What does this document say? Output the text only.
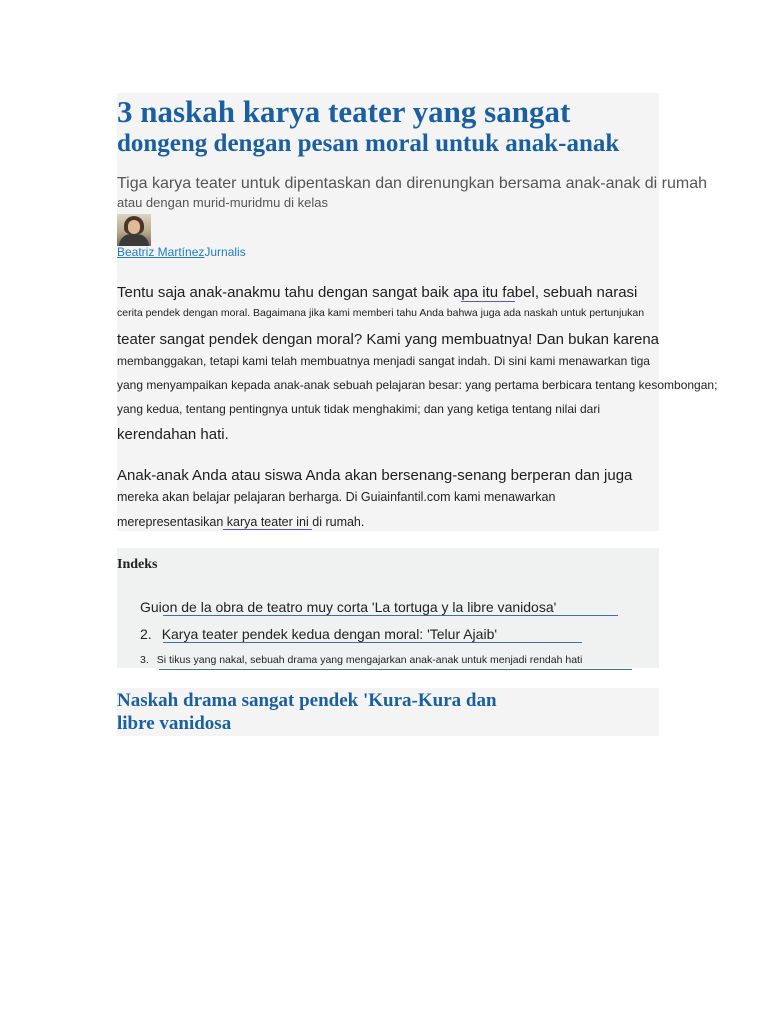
3 naskah karya teater yang sangat
dongeng dengan pesan moral untuk anak-anak
Tiga karya teater untuk dipentaskan dan direnungkan bersama anak-anak di rumah
atau dengan murid-muridmu di kelas
Beatriz MartínezJurnalis
Tentu saja anak-anakmu tahu dengan sangat baik apa itu fabel, sebuah narasi
cerita pendek dengan moral. Bagaimana jika kami memberi tahu Anda bahwa juga ada naskah untuk pertunjukan
teater sangat pendek dengan moral? Kami yang membuatnya! Dan bukan karena
membanggakan, tetapi kami telah membuatnya menjadi sangat indah. Di sini kami menawarkan tiga
yang menyampaikan kepada anak-anak sebuah pelajaran besar: yang pertama berbicara tentang kesombongan;
yang kedua, tentang pentingnya untuk tidak menghakimi; dan yang ketiga tentang nilai dari
kerendahan hati.
Anak-anak Anda atau siswa Anda akan bersenang-senang berperan dan juga
mereka akan belajar pelajaran berharga. Di Guiainfantil.com kami menawarkan
merepresentasikan karya teater ini di rumah.
Indeks
Guion de la obra de teatro muy corta 'La tortuga y la libre vanidosa'
2. Karya teater pendek kedua dengan moral: 'Telur Ajaib'
3. Si tikus yang nakal, sebuah drama yang mengajarkan anak-anak untuk menjadi rendah hati
Naskah drama sangat pendek 'Kura-Kura dan
libre vanidosa
